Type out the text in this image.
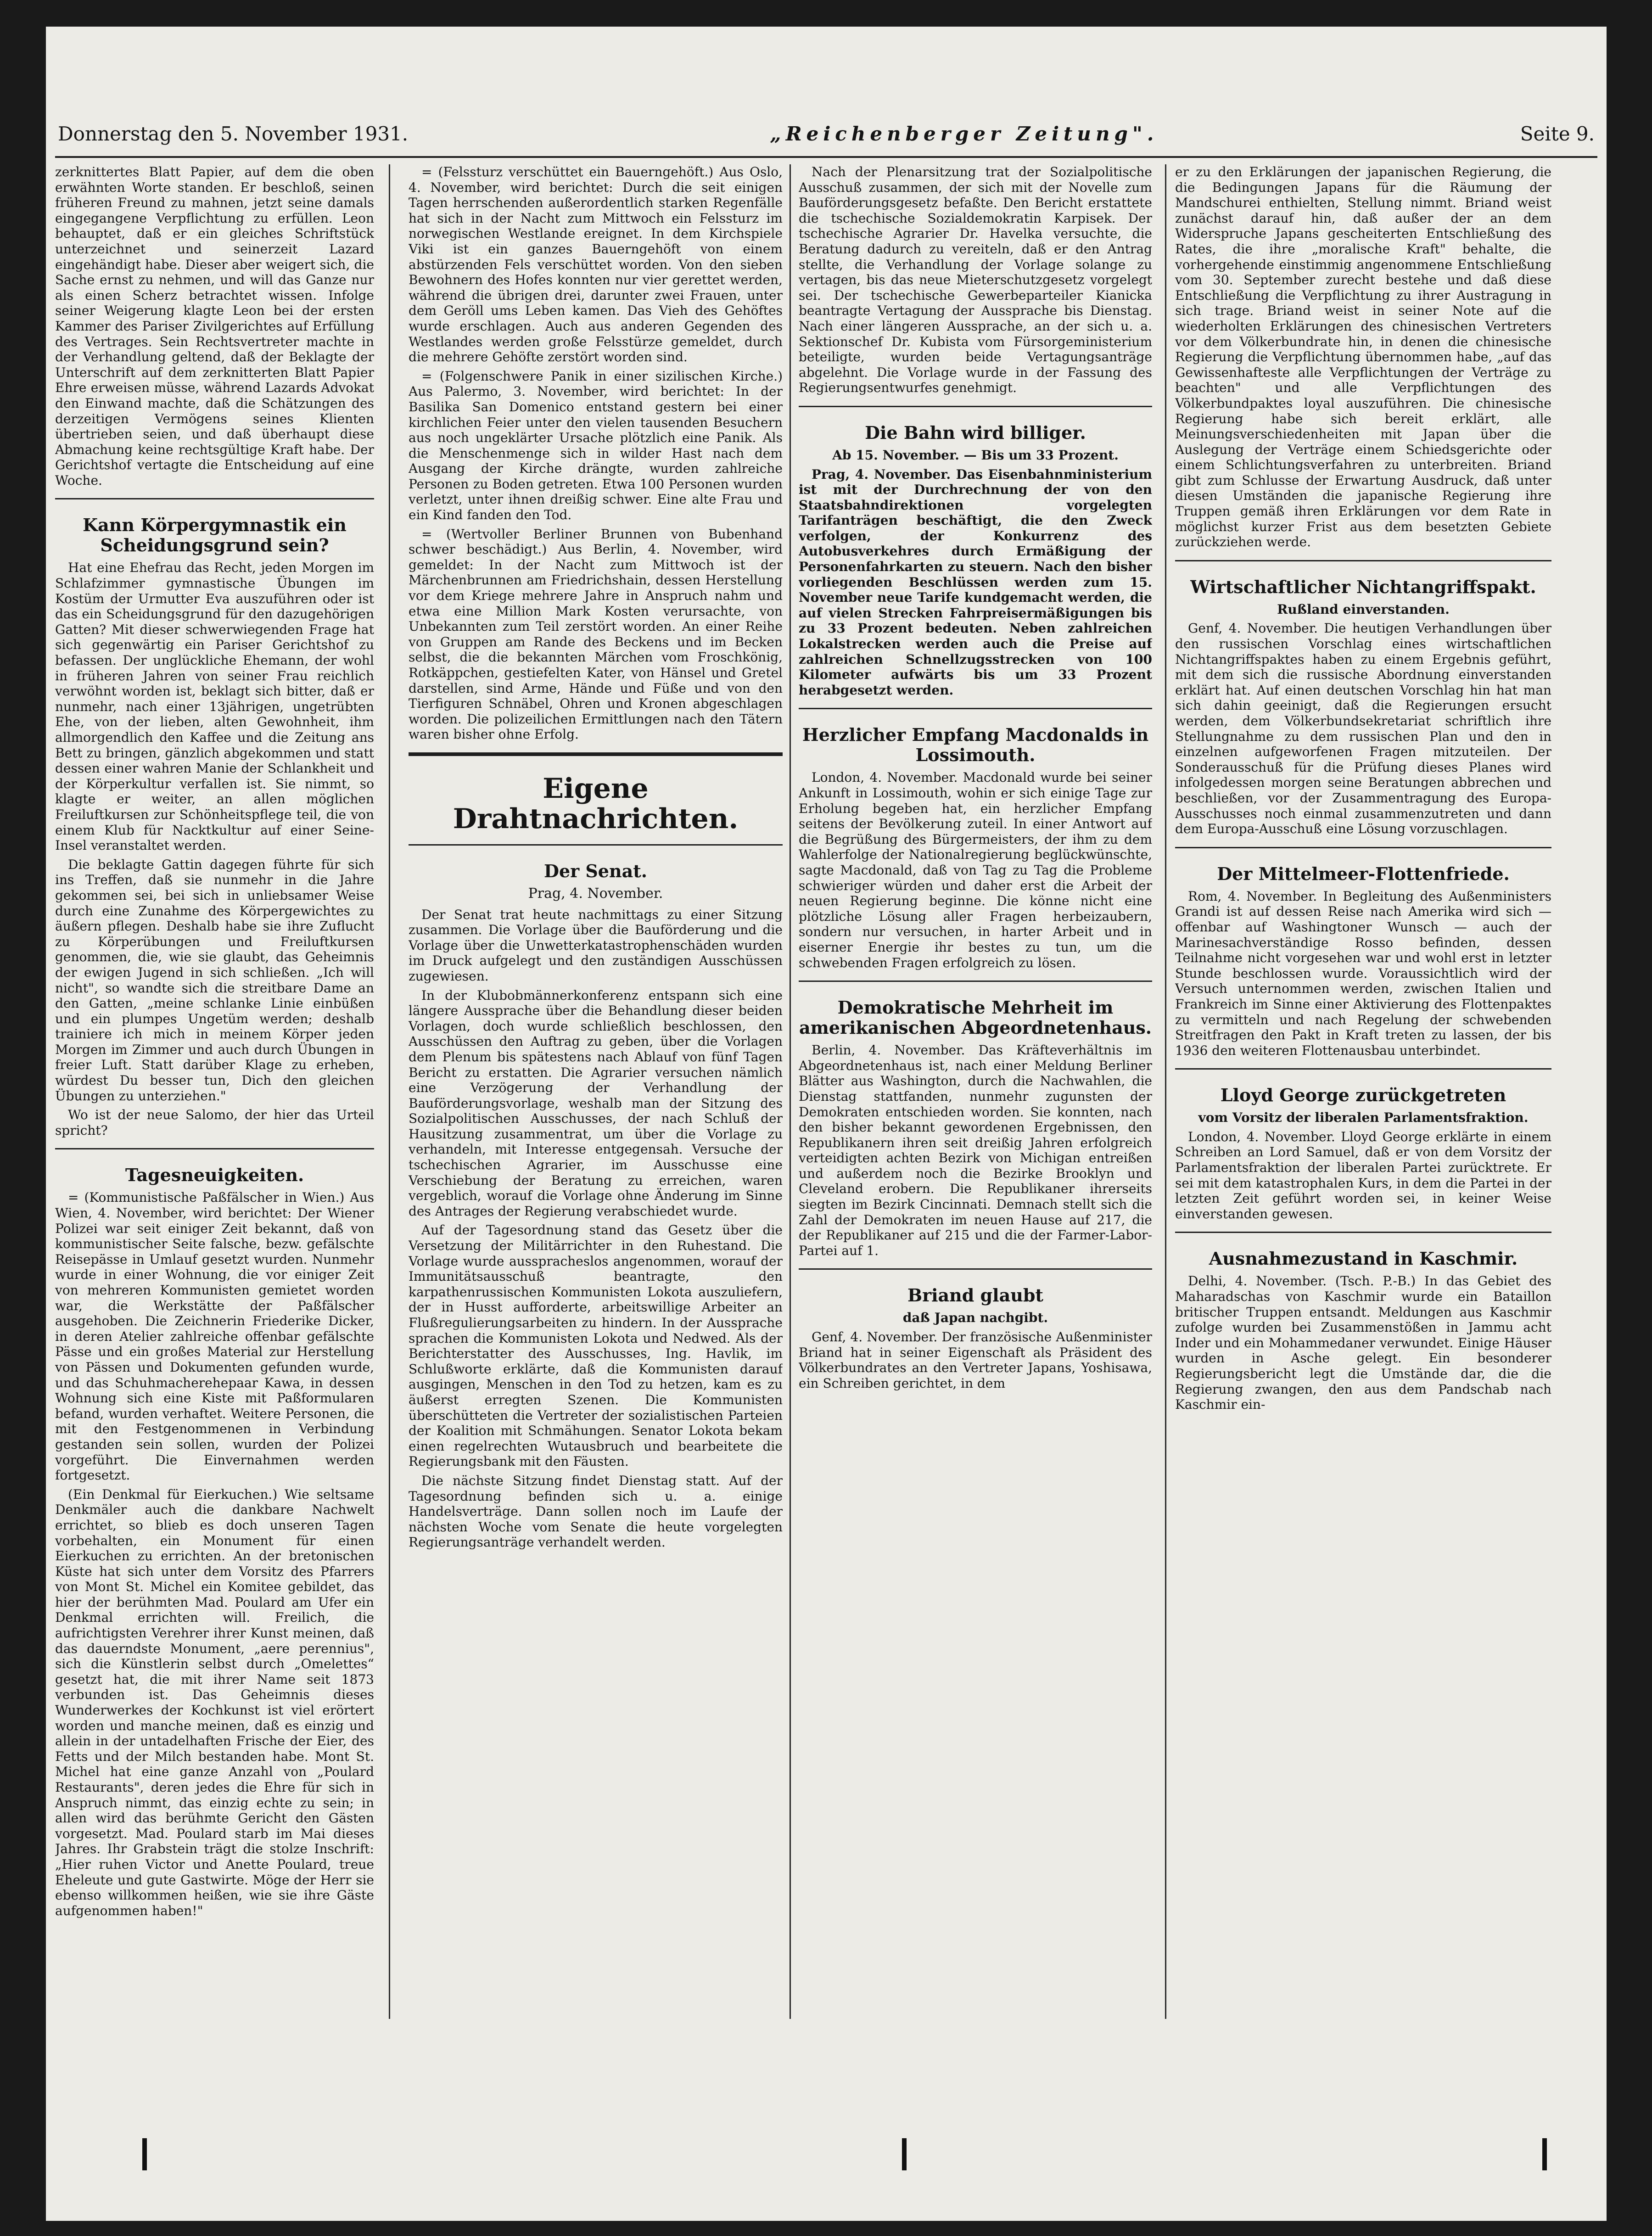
Donnerstag den 5. November 1931.	„Reichenberger Zeitung".	Seite 9.

zerknittertes Blatt Papier, auf dem die oben erwähnten Worte standen. Er beschloß, seinen früheren Freund zu mahnen, jetzt seine damals eingegangene Verpflichtung zu erfüllen. Leon behauptet, daß er ein gleiches Schriftstück unterzeichnet und seinerzeit Lazard eingehändigt habe. Dieser aber weigert sich, die Sache ernst zu nehmen, und will das Ganze nur als einen Scherz betrachtet wissen. Infolge seiner Weigerung klagte Leon bei der ersten Kammer des Pariser Zivilgerichtes auf Erfüllung des Vertrages. Sein Rechtsvertreter machte in der Verhandlung geltend, daß der Beklagte der Unterschrift auf dem zerknitterten Blatt Papier Ehre erweisen müsse, während Lazards Advokat den Einwand machte, daß die Schätzungen des derzeitigen Vermögens seines Klienten übertrieben seien, und daß überhaupt diese Abmachung keine rechtsgültige Kraft habe. Der Gerichtshof vertagte die Entscheidung auf eine Woche.

Kann Körpergymnastik ein Scheidungsgrund sein?

Hat eine Ehefrau das Recht, jeden Morgen im Schlafzimmer gymnastische Übungen im Kostüm der Urmutter Eva auszuführen oder ist das ein Scheidungsgrund für den dazugehörigen Gatten? Mit dieser schwerwiegenden Frage hat sich gegenwärtig ein Pariser Gerichtshof zu befassen. Der unglückliche Ehemann, der wohl in früheren Jahren von seiner Frau reichlich verwöhnt worden ist, beklagt sich bitter, daß er nunmehr, nach einer 13jährigen, ungetrübten Ehe, von der lieben, alten Gewohnheit, ihm allmorgendlich den Kaffee und die Zeitung ans Bett zu bringen, gänzlich abgekommen und statt dessen einer wahren Manie der Schlankheit und der Körperkultur verfallen ist. Sie nimmt, so klagte er weiter, an allen möglichen Freiluftkursen zur Schönheitspflege teil, die von einem Klub für Nacktkultur auf einer Seine-Insel veranstaltet werden.

Die beklagte Gattin dagegen führte für sich ins Treffen, daß sie nunmehr in die Jahre gekommen sei, bei sich in unliebsamer Weise durch eine Zunahme des Körpergewichtes zu äußern pflegen. Deshalb habe sie ihre Zuflucht zu Körperübungen und Freiluftkursen genommen, die, wie sie glaubt, das Geheimnis der ewigen Jugend in sich schließen. „Ich will nicht", so wandte sich die streitbare Dame an den Gatten, „meine schlanke Linie einbüßen und ein plumpes Ungetüm werden; deshalb trainiere ich mich in meinem Körper jeden Morgen im Zimmer und auch durch Übungen in freier Luft. Statt darüber Klage zu erheben, würdest Du besser tun, Dich den gleichen Übungen zu unterziehen."

Wo ist der neue Salomo, der hier das Urteil spricht?

Tagesneuigkeiten.

= (Kommunistische Paßfälscher in Wien.) Aus Wien, 4. November, wird berichtet: Der Wiener Polizei war seit einiger Zeit bekannt, daß von kommunistischer Seite falsche, bezw. gefälschte Reisepässe in Umlauf gesetzt wurden. Nunmehr wurde in einer Wohnung, die vor einiger Zeit von mehreren Kommunisten gemietet worden war, die Werkstätte der Paßfälscher ausgehoben. Die Zeichnerin Friederike Dicker, in deren Atelier zahlreiche offenbar gefälschte Pässe und ein großes Material zur Herstellung von Pässen und Dokumenten gefunden wurde, und das Schuhmacherehepaar Kawa, in dessen Wohnung sich eine Kiste mit Paßformularen befand, wurden verhaftet. Weitere Personen, die mit den Festgenommenen in Verbindung gestanden sein sollen, wurden der Polizei vorgeführt. Die Einvernahmen werden fortgesetzt.

(Ein Denkmal für Eierkuchen.) Wie seltsame Denkmäler auch die dankbare Nachwelt errichtet, so blieb es doch unseren Tagen vorbehalten, ein Monument für einen Eierkuchen zu errichten. An der bretonischen Küste hat sich unter dem Vorsitz des Pfarrers von Mont St. Michel ein Komitee gebildet, das hier der berühmten Mad. Poulard am Ufer ein Denkmal errichten will. Freilich, die aufrichtigsten Verehrer ihrer Kunst meinen, daß das dauerndste Monument, „aere perennius", sich die Künstlerin selbst durch „Omelettes“ gesetzt hat, die mit ihrer Name seit 1873 verbunden ist. Das Geheimnis dieses Wunderwerkes der Kochkunst ist viel erörtert worden und manche meinen, daß es einzig und allein in der untadelhaften Frische der Eier, des Fetts und der Milch bestanden habe. Mont St. Michel hat eine ganze Anzahl von „Poulard Restaurants", deren jedes die Ehre für sich in Anspruch nimmt, das einzig echte zu sein; in allen wird das berühmte Gericht den Gästen vorgesetzt. Mad. Poulard starb im Mai dieses Jahres. Ihr Grabstein trägt die stolze Inschrift: „Hier ruhen Victor und Anette Poulard, treue Eheleute und gute Gastwirte. Möge der Herr sie ebenso willkommen heißen, wie sie ihre Gäste aufgenommen haben!"

= (Felssturz verschüttet ein Bauerngehöft.) Aus Oslo, 4. November, wird berichtet: Durch die seit einigen Tagen herrschenden außerordentlich starken Regenfälle hat sich in der Nacht zum Mittwoch ein Felssturz im norwegischen Westlande ereignet. In dem Kirchspiele Viki ist ein ganzes Bauerngehöft von einem abstürzenden Fels verschüttet worden. Von den sieben Bewohnern des Hofes konnten nur vier gerettet werden, während die übrigen drei, darunter zwei Frauen, unter dem Geröll ums Leben kamen. Das Vieh des Gehöftes wurde erschlagen. Auch aus anderen Gegenden des Westlandes werden große Felsstürze gemeldet, durch die mehrere Gehöfte zerstört worden sind.

= (Folgenschwere Panik in einer sizilischen Kirche.) Aus Palermo, 3. November, wird berichtet: In der Basilika San Domenico entstand gestern bei einer kirchlichen Feier unter den vielen tausenden Besuchern aus noch ungeklärter Ursache plötzlich eine Panik. Als die Menschenmenge sich in wilder Hast nach dem Ausgang der Kirche drängte, wurden zahlreiche Personen zu Boden getreten. Etwa 100 Personen wurden verletzt, unter ihnen dreißig schwer. Eine alte Frau und ein Kind fanden den Tod.

= (Wertvoller Berliner Brunnen von Bubenhand schwer beschädigt.) Aus Berlin, 4. November, wird gemeldet: In der Nacht zum Mittwoch ist der Märchenbrunnen am Friedrichshain, dessen Herstellung vor dem Kriege mehrere Jahre in Anspruch nahm und etwa eine Million Mark Kosten verursachte, von Unbekannten zum Teil zerstört worden. An einer Reihe von Gruppen am Rande des Beckens und im Becken selbst, die die bekannten Märchen vom Froschkönig, Rotkäppchen, gestiefelten Kater, von Hänsel und Gretel darstellen, sind Arme, Hände und Füße und von den Tierfiguren Schnäbel, Ohren und Kronen abgeschlagen worden. Die polizeilichen Ermittlungen nach den Tätern waren bisher ohne Erfolg.

Eigene Drahtnachrichten.
Der Senat.
Prag, 4. November.

Der Senat trat heute nachmittags zu einer Sitzung zusammen. Die Vorlage über die Bauförderung und die Vorlage über die Unwetterkatastrophenschäden wurden im Druck aufgelegt und den zuständigen Ausschüssen zugewiesen.

In der Klubobmännerkonferenz entspann sich eine längere Aussprache über die Behandlung dieser beiden Vorlagen, doch wurde schließlich beschlossen, den Ausschüssen den Auftrag zu geben, über die Vorlagen dem Plenum bis spätestens nach Ablauf von fünf Tagen Bericht zu erstatten. Die Agrarier versuchen nämlich eine Verzögerung der Verhandlung der Bauförderungsvorlage, weshalb man der Sitzung des Sozialpolitischen Ausschusses, der nach Schluß der Hausitzung zusammentrat, um über die Vorlage zu verhandeln, mit Interesse entgegensah. Versuche der tschechischen Agrarier, im Ausschusse eine Verschiebung der Beratung zu erreichen, waren vergeblich, worauf die Vorlage ohne Änderung im Sinne des Antrages der Regierung verabschiedet wurde.

Auf der Tagesordnung stand das Gesetz über die Versetzung der Militärrichter in den Ruhestand. Die Vorlage wurde ausspracheslos angenommen, worauf der Immunitätsausschuß beantragte, den karpathenrussischen Kommunisten Lokota auszuliefern, der in Husst aufforderte, arbeitswillige Arbeiter an Flußregulierungsarbeiten zu hindern. In der Aussprache sprachen die Kommunisten Lokota und Nedwed. Als der Berichterstatter des Ausschusses, Ing. Havlik, im Schlußworte erklärte, daß die Kommunisten darauf ausgingen, Menschen in den Tod zu hetzen, kam es zu äußerst erregten Szenen. Die Kommunisten überschütteten die Vertreter der sozialistischen Parteien der Koalition mit Schmähungen. Senator Lokota bekam einen regelrechten Wutausbruch und bearbeitete die Regierungsbank mit den Fäusten.

Die nächste Sitzung findet Dienstag statt. Auf der Tagesordnung befinden sich u. a. einige Handelsverträge. Dann sollen noch im Laufe der nächsten Woche vom Senate die heute vorgelegten Regierungsanträge verhandelt werden.

Nach der Plenarsitzung trat der Sozialpolitische Ausschuß zusammen, der sich mit der Novelle zum Bauförderungsgesetz befaßte. Den Bericht erstattete die tschechische Sozialdemokratin Karpisek. Der tschechische Agrarier Dr. Havelka versuchte, die Beratung dadurch zu vereiteln, daß er den Antrag stellte, die Verhandlung der Vorlage solange zu vertagen, bis das neue Mieterschutzgesetz vorgelegt sei. Der tschechische Gewerbeparteiler Kianicka beantragte Vertagung der Aussprache bis Dienstag. Nach einer längeren Aussprache, an der sich u. a. Sektionschef Dr. Kubista vom Fürsorgeministerium beteiligte, wurden beide Vertagungsanträge abgelehnt. Die Vorlage wurde in der Fassung des Regierungsentwurfes genehmigt.

Die Bahn wird billiger.
Ab 15. November. — Bis um 33 Prozent.

Prag, 4. November. Das Eisenbahnministerium ist mit der Durchrechnung der von den Staatsbahndirektionen vorgelegten Tarifanträgen beschäftigt, die den Zweck verfolgen, der Konkurrenz des Autobusverkehres durch Ermäßigung der Personenfahrkarten zu steuern. Nach den bisher vorliegenden Beschlüssen werden zum 15. November neue Tarife kundgemacht werden, die auf vielen Strecken Fahrpreisermäßigungen bis zu 33 Prozent bedeuten. Neben zahlreichen Lokalstrecken werden auch die Preise auf zahlreichen Schnellzugsstrecken von 100 Kilometer aufwärts bis um 33 Prozent herabgesetzt werden.

Herzlicher Empfang Macdonalds in Lossimouth.

London, 4. November. Macdonald wurde bei seiner Ankunft in Lossimouth, wohin er sich einige Tage zur Erholung begeben hat, ein herzlicher Empfang seitens der Bevölkerung zuteil. In einer Antwort auf die Begrüßung des Bürgermeisters, der ihm zu dem Wahlerfolge der Nationalregierung beglückwünschte, sagte Macdonald, daß von Tag zu Tag die Probleme schwieriger würden und daher erst die Arbeit der neuen Regierung beginne. Die könne nicht eine plötzliche Lösung aller Fragen herbeizaubern, sondern nur versuchen, in harter Arbeit und in eiserner Energie ihr bestes zu tun, um die schwebenden Fragen erfolgreich zu lösen.

Demokratische Mehrheit im amerikanischen Abgeordnetenhaus.

Berlin, 4. November. Das Kräfteverhältnis im Abgeordnetenhaus ist, nach einer Meldung Berliner Blätter aus Washington, durch die Nachwahlen, die Dienstag stattfanden, nunmehr zugunsten der Demokraten entschieden worden. Sie konnten, nach den bisher bekannt gewordenen Ergebnissen, den Republikanern ihren seit dreißig Jahren erfolgreich verteidigten achten Bezirk von Michigan entreißen und außerdem noch die Bezirke Brooklyn und Cleveland erobern. Die Republikaner ihrerseits siegten im Bezirk Cincinnati. Demnach stellt sich die Zahl der Demokraten im neuen Hause auf 217, die der Republikaner auf 215 und die der Farmer-Labor-Partei auf 1.

Briand glaubt
daß Japan nachgibt.

Genf, 4. November. Der französische Außenminister Briand hat in seiner Eigenschaft als Präsident des Völkerbundrates an den Vertreter Japans, Yoshisawa, ein Schreiben gerichtet, in dem

er zu den Erklärungen der japanischen Regierung, die die Bedingungen Japans für die Räumung der Mandschurei enthielten, Stellung nimmt. Briand weist zunächst darauf hin, daß außer der an dem Widerspruche Japans gescheiterten Entschließung des Rates, die ihre „moralische Kraft" behalte, die vorhergehende einstimmig angenommene Entschließung vom 30. September zurecht bestehe und daß diese Entschließung die Verpflichtung zu ihrer Austragung in sich trage. Briand weist in seiner Note auf die wiederholten Erklärungen des chinesischen Vertreters vor dem Völkerbundrate hin, in denen die chinesische Regierung die Verpflichtung übernommen habe, „auf das Gewissenhafteste alle Verpflichtungen der Verträge zu beachten" und alle Verpflichtungen des Völkerbundpaktes loyal auszuführen. Die chinesische Regierung habe sich bereit erklärt, alle Meinungsverschiedenheiten mit Japan über die Auslegung der Verträge einem Schiedsgerichte oder einem Schlichtungsverfahren zu unterbreiten. Briand gibt zum Schlusse der Erwartung Ausdruck, daß unter diesen Umständen die japanische Regierung ihre Truppen gemäß ihren Erklärungen vor dem Rate in möglichst kurzer Frist aus dem besetzten Gebiete zurückziehen werde.

Wirtschaftlicher Nichtangriffspakt.
Rußland einverstanden.

Genf, 4. November. Die heutigen Verhandlungen über den russischen Vorschlag eines wirtschaftlichen Nichtangriffspaktes haben zu einem Ergebnis geführt, mit dem sich die russische Abordnung einverstanden erklärt hat. Auf einen deutschen Vorschlag hin hat man sich dahin geeinigt, daß die Regierungen ersucht werden, dem Völkerbundsekretariat schriftlich ihre Stellungnahme zu dem russischen Plan und den in einzelnen aufgeworfenen Fragen mitzuteilen. Der Sonderausschuß für die Prüfung dieses Planes wird infolgedessen morgen seine Beratungen abbrechen und beschließen, vor der Zusammentragung des Europa-Ausschusses noch einmal zusammenzutreten und dann dem Europa-Ausschuß eine Lösung vorzuschlagen.

Der Mittelmeer-Flottenfriede.

Rom, 4. November. In Begleitung des Außenministers Grandi ist auf dessen Reise nach Amerika wird sich — offenbar auf Washingtoner Wunsch — auch der Marinesachverständige Rosso befinden, dessen Teilnahme nicht vorgesehen war und wohl erst in letzter Stunde beschlossen wurde. Voraussichtlich wird der Versuch unternommen werden, zwischen Italien und Frankreich im Sinne einer Aktivierung des Flottenpaktes zu vermitteln und nach Regelung der schwebenden Streitfragen den Pakt in Kraft treten zu lassen, der bis 1936 den weiteren Flottenausbau unterbindet.

Lloyd George zurückgetreten
vom Vorsitz der liberalen Parlamentsfraktion.

London, 4. November. Lloyd George erklärte in einem Schreiben an Lord Samuel, daß er von dem Vorsitz der Parlamentsfraktion der liberalen Partei zurücktrete. Er sei mit dem katastrophalen Kurs, in dem die Partei in der letzten Zeit geführt worden sei, in keiner Weise einverstanden gewesen.

Ausnahmezustand in Kaschmir.

Delhi, 4. November. (Tsch. P.-B.) In das Gebiet des Maharadschas von Kaschmir wurde ein Bataillon britischer Truppen entsandt. Meldungen aus Kaschmir zufolge wurden bei Zusammenstößen in Jammu acht Inder und ein Mohammedaner verwundet. Einige Häuser wurden in Asche gelegt. Ein besonderer Regierungsbericht legt die Umstände dar, die die Regierung zwangen, den aus dem Pandschab nach Kaschmir ein-
